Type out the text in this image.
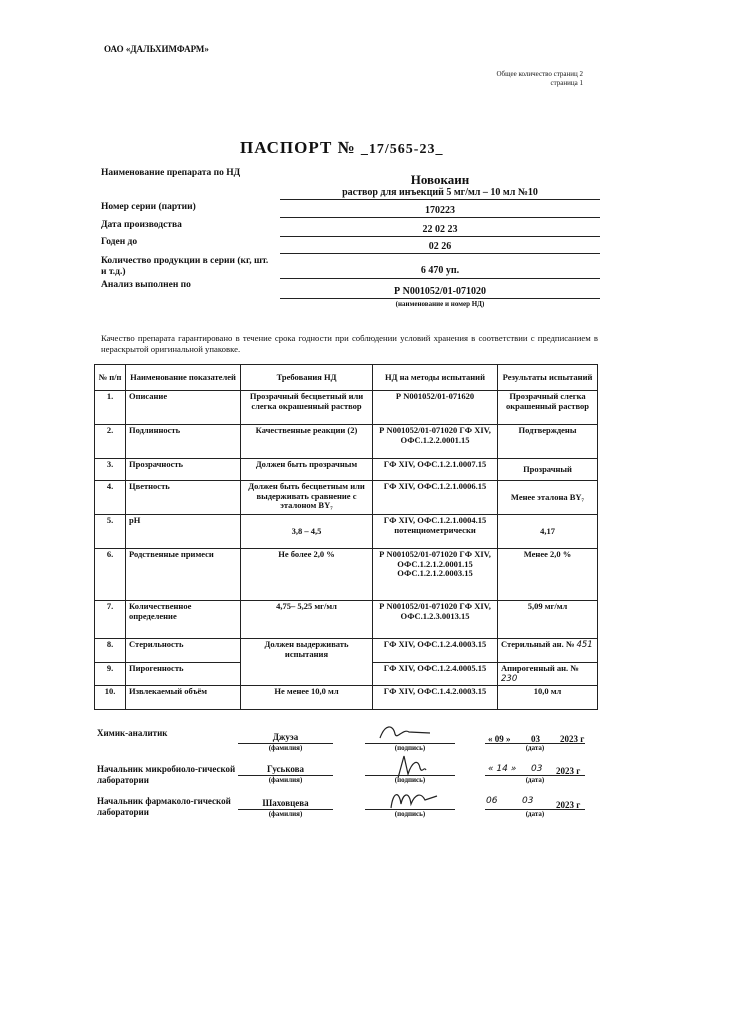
ОАО «ДАЛЬХИМФАРМ»
Общее количество страниц 2
страница 1
ПАСПОРТ № _17/565-23_
Наименование препарата по НД	Новокаин
раствор для инъекций 5 мг/мл – 10 мл №10
Номер серии (партии)	170223
Дата производства	22 02 23
Годен до	02 26
Количество продукции в серии (кг, шт. и т.д.)	6 470 уп.
Анализ выполнен по
Р N001052/01-071020
(наименование и номер НД)
Качество препарата гарантировано в течение срока годности при соблюдении условий хранения в соответствии с предписанием в нераскрытой оригинальной упаковке.
№ п/п	Наименование показателей	Требования НД	НД на методы испытаний	Результаты испытаний
1.	Описание	Прозрачный бесцветный или слегка окрашенный раствор	Р N001052/01-071620	Прозрачный слегка окрашенный раствор
2.	Подлинность	Качественные реакции (2)	Р N001052/01-071020 ГФ XIV, ОФС.1.2.2.0001.15	Подтверждены
3.	Прозрачность	Должен быть прозрачным	ГФ XIV, ОФС.1.2.1.0007.15	Прозрачный
4.	Цветность	Должен быть бесцветным или выдерживать сравнение с эталоном BY₇	ГФ XIV, ОФС.1.2.1.0006.15	Менее эталона BY₇
5.	pH	3,8 – 4,5	ГФ XIV, ОФС.1.2.1.0004.15 потенциометрически	4,17
6.	Родственные примеси	Не более 2,0 %	Р N001052/01-071020 ГФ XIV, ОФС.1.2.1.2.0001.15 ОФС.1.2.1.2.0003.15	Менее 2,0 %
7.	Количественное определение	4,75– 5,25 мг/мл	Р N001052/01-071020 ГФ XIV, ОФС.1.2.3.0013.15	5,09 мг/мл
8.	Стерильность	Должен выдерживать испытания	ГФ XIV, ОФС.1.2.4.0003.15	Стерильный ан. № 451
9.	Пирогенность		ГФ XIV, ОФС.1.2.4.0005.15	Апирогенный ан. № 230
10.	Извлекаемый объём	Не менее 10,0 мл	ГФ XIV, ОФС.1.4.2.0003.15	10,0 мл
Химик-аналитик	Джуэа
(фамилия)	(подпись)
« 09 » 03 2023 г
(дата)
Начальник микробиоло-гической лаборатории
Гуськова
(фамилия)	(подпись)
« 14 » 03 2023 г
(дата)
Начальник фармаколо-гической лаборатории
Шаховцева
(фамилия)	(подпись)
06	03	2023 г
(дата)
